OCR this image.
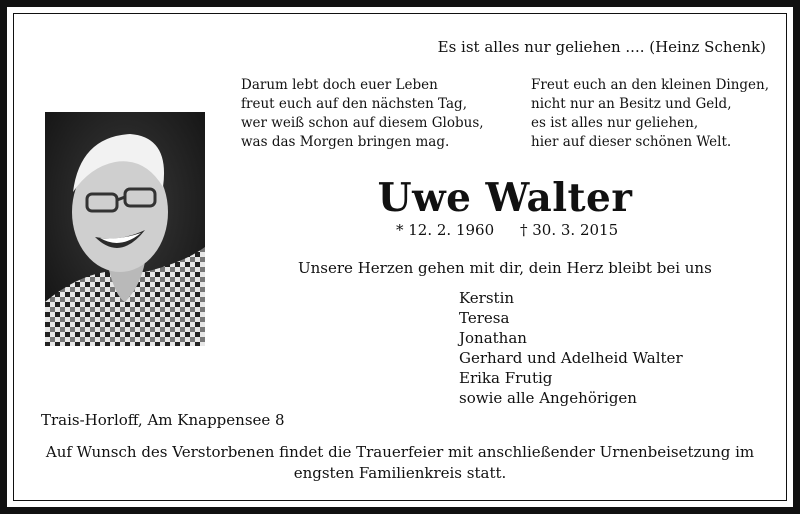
Es ist alles nur geliehen .... (Heinz Schenk)
Darum lebt doch euer Leben
freut euch auf den nächsten Tag,
wer weiß schon auf diesem Globus,
was das Morgen bringen mag.
Freut euch an den kleinen Dingen,
nicht nur an Besitz und Geld,
es ist alles nur geliehen,
hier auf dieser schönen Welt.
Uwe Walter
* 12. 2. 1960 † 30. 3. 2015
Unsere Herzen gehen mit dir, dein Herz bleibt bei uns
Kerstin
Teresa
Jonathan
Gerhard und Adelheid Walter
Erika Frutig
sowie alle Angehörigen
Trais-Horloff, Am Knappensee 8
Auf Wunsch des Verstorbenen findet die Trauerfeier mit anschließender Urnenbeisetzung im
engsten Familienkreis statt.
